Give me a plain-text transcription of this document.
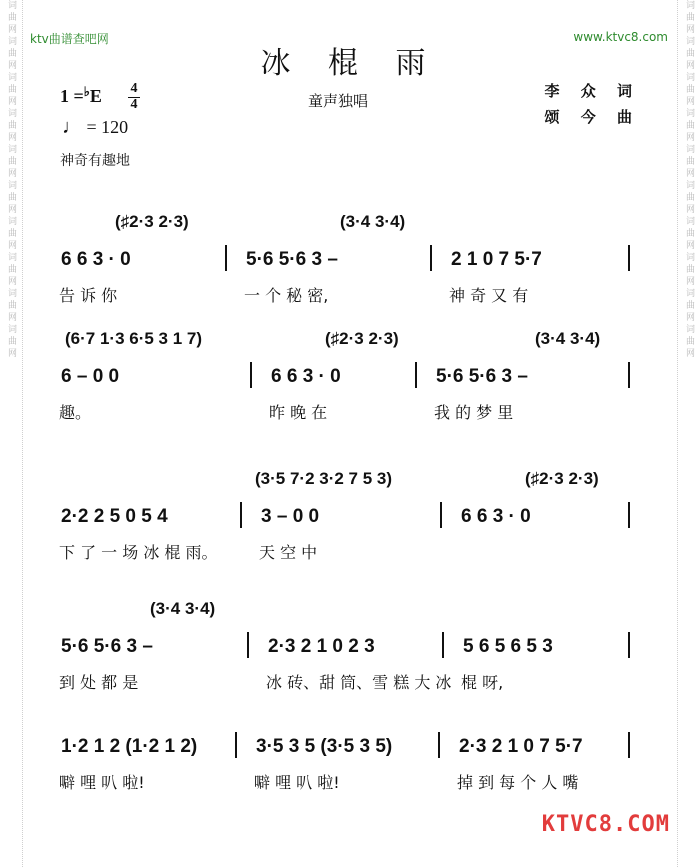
词曲网词曲网词曲网词曲网词曲网词曲网词曲网词曲网词曲网词曲网	词曲网词曲网词曲网词曲网词曲网词曲网词曲网词曲网词曲网词曲网
ktv曲谱查吧网	www.ktvc8.com
冰 棍 雨
童声独唱
李 众 词
颂 今 曲
1 =♭E 4
4
♩ = 120
神奇有趣地
(♯2·3 2·3)	(3·4 3·4)
6 6 3 · 0	5·6 5·6 3 –	2 1 0 7 5·7
告 诉 你	一 个 秘 密,	神 奇 又 有
(6·7 1·3 6·5 3 1 7)	(♯2·3 2·3)	(3·4 3·4)
6 – 0 0	6 6 3 · 0	5·6 5·6 3 –
趣。	昨 晚 在	我 的 梦 里
(3·5 7·2 3·2 7 5 3)	(♯2·3 2·3)
2·2 2 5 0 5 4	3 – 0 0	6 6 3 · 0
下 了 一 场 冰 棍 雨。	天 空 中
(3·4 3·4)
5·6 5·6 3 –	2·3 2 1 0 2 3	5 6 5 6 5 3
到 处 都 是	冰 砖、甜 筒、雪 糕 大 冰 棍 呀,
1·2 1 2 (1·2 1 2)	3·5 3 5 (3·5 3 5)	2·3 2 1 0 7 5·7
噼 哩 叭 啦!	噼 哩 叭 啦!	掉 到 每 个 人 嘴
KTVC8.COM
